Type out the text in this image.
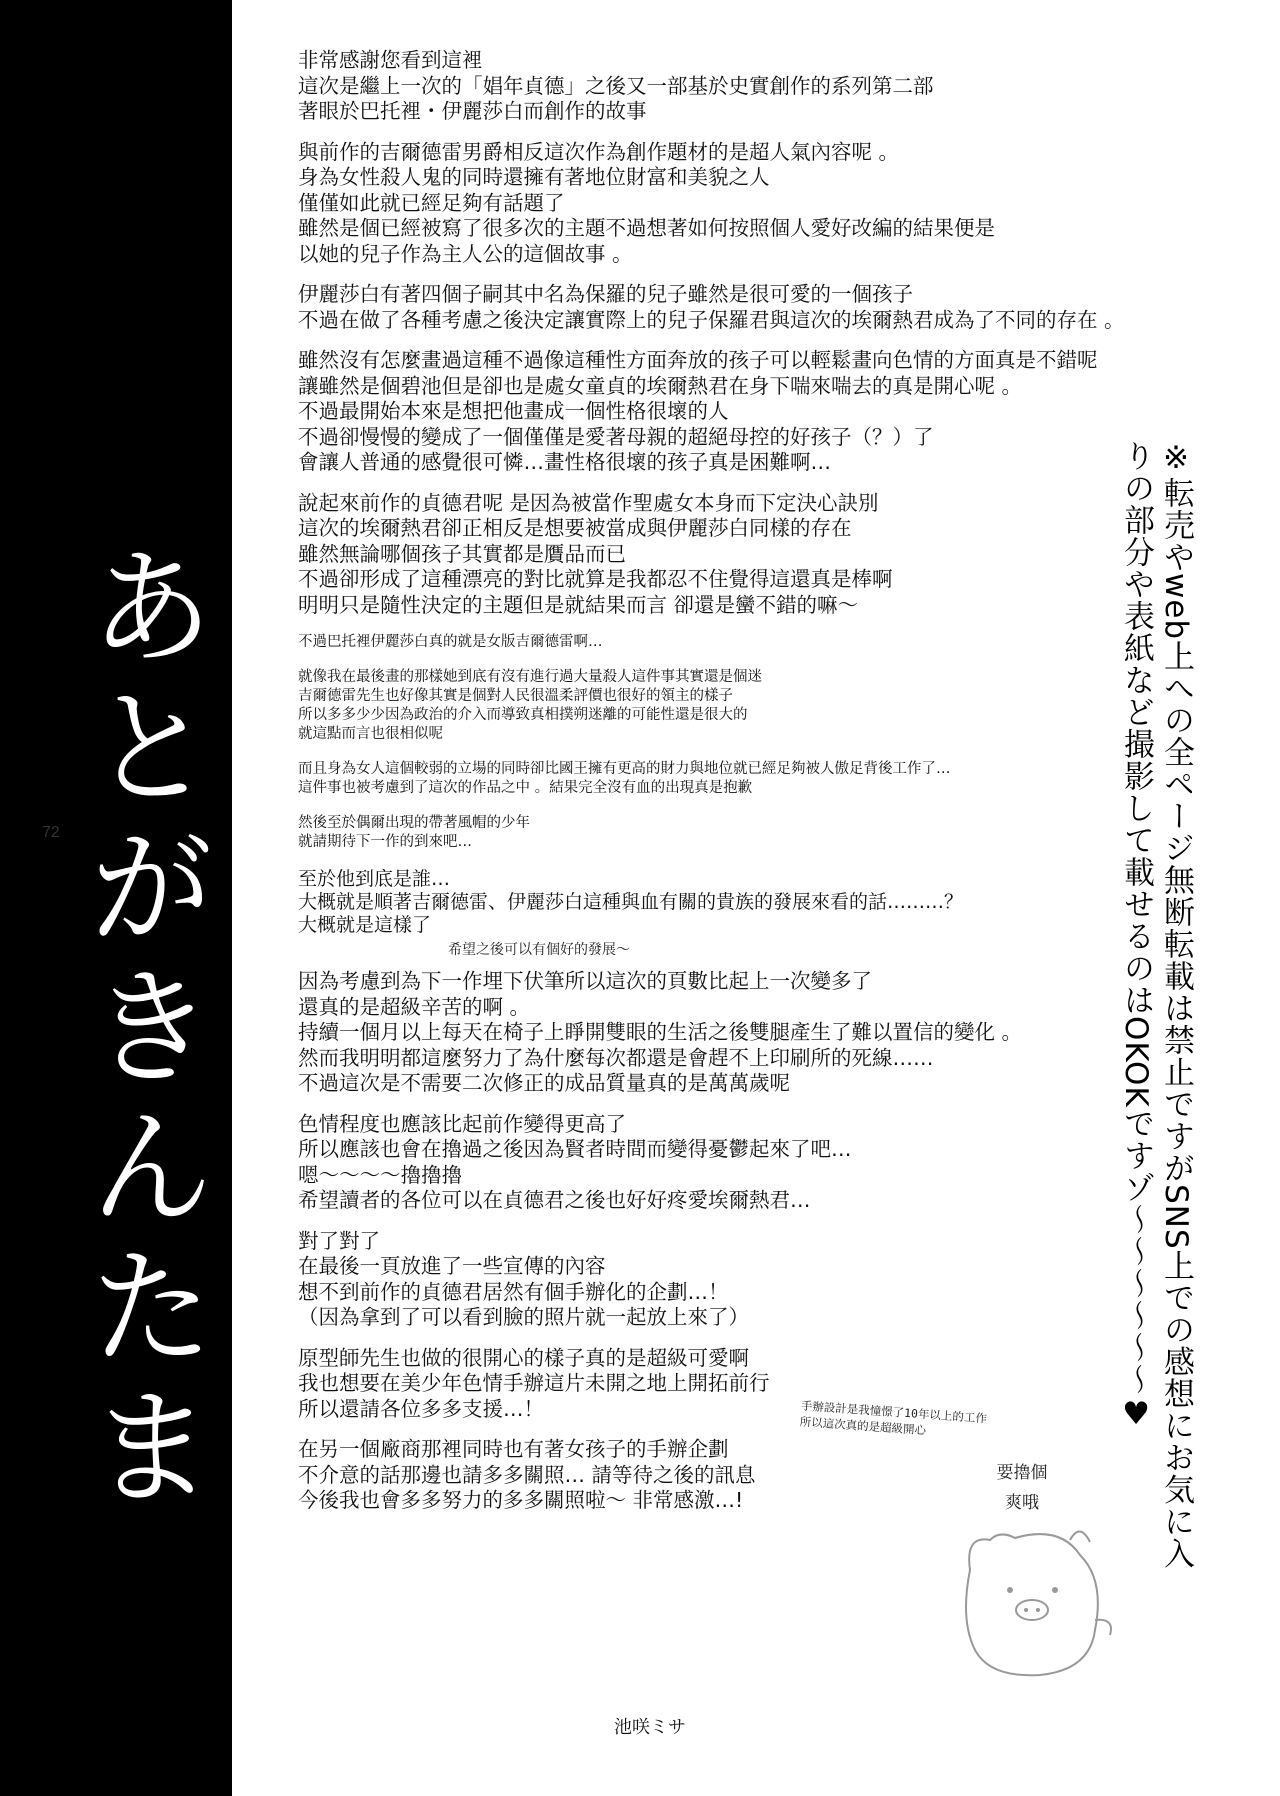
あとがきんたま
72

非常感謝您看到這裡
這次是繼上一次的「娼年貞德」之後又一部基於史實創作的系列第二部
著眼於巴托裡・伊麗莎白而創作的故事

與前作的吉爾德雷男爵相反這次作為創作題材的是超人氣內容呢 。
身為女性殺人鬼的同時還擁有著地位財富和美貌之人
僅僅如此就已經足夠有話題了
雖然是個已經被寫了很多次的主題不過想著如何按照個人愛好改編的結果便是
以她的兒子作為主人公的這個故事 。

伊麗莎白有著四個子嗣其中名為保羅的兒子雖然是很可愛的一個孩子
不過在做了各種考慮之後決定讓實際上的兒子保羅君與這次的埃爾熱君成為了不同的存在 。

雖然沒有怎麼畫過這種不過像這種性方面奔放的孩子可以輕鬆畫向色情的方面真是不錯呢
讓雖然是個碧池但是卻也是處女童貞的埃爾熱君在身下喘來喘去的真是開心呢 。
不過最開始本來是想把他畫成一個性格很壞的人
不過卻慢慢的變成了一個僅僅是愛著母親的超絕母控的好孩子（？）了
會讓人普通的感覺很可憐…畫性格很壞的孩子真是困難啊…

說起來前作的貞德君呢 是因為被當作聖處女本身而下定決心訣別
這次的埃爾熱君卻正相反是想要被當成與伊麗莎白同樣的存在
雖然無論哪個孩子其實都是贋品而已
不過卻形成了這種漂亮的對比就算是我都忍不住覺得這還真是棒啊
明明只是隨性決定的主題但是就結果而言 卻還是蠻不錯的嘛～

不過巴托裡伊麗莎白真的就是女版吉爾德雷啊…

就像我在最後畫的那樣她到底有沒有進行過大量殺人這件事其實還是個迷
吉爾德雷先生也好像其實是個對人民很溫柔評價也很好的領主的樣子
所以多多少少因為政治的介入而導致真相撲朔迷離的可能性還是很大的
就這點而言也很相似呢

而且身為女人這個較弱的立場的同時卻比國王擁有更高的財力與地位就已經足夠被人傲足背後工作了…
這件事也被考慮到了這次的作品之中 。結果完全沒有血的出現真是抱歉

然後至於偶爾出現的帶著風帽的少年
就請期待下一作的到來吧…

至於他到底是誰…
大概就是順著吉爾德雷、伊麗莎白這種與血有關的貴族的發展來看的話………？
大概就是這樣了

希望之後可以有個好的發展～

因為考慮到為下一作埋下伏筆所以這次的頁數比起上一次變多了
還真的是超級辛苦的啊 。
持續一個月以上每天在椅子上睜開雙眼的生活之後雙腿產生了難以置信的變化 。
然而我明明都這麼努力了為什麼每次都還是會趕不上印刷所的死線……
不過這次是不需要二次修正的成品質量真的是萬萬歲呢

色情程度也應該比起前作變得更高了
所以應該也會在擼過之後因為賢者時間而變得憂鬱起來了吧…
嗯～～～～擼擼擼
希望讀者的各位可以在貞德君之後也好好疼愛埃爾熱君…

對了對了
在最後一頁放進了一些宣傳的內容
想不到前作的貞德君居然有個手辦化的企劃…！
（因為拿到了可以看到臉的照片就一起放上來了）

原型師先生也做的很開心的樣子真的是超級可愛啊
我也想要在美少年色情手辦這片未開之地上開拓前行
所以還請各位多多支援…！

在另一個廠商那裡同時也有著女孩子的手辦企劃
不介意的話那邊也請多多關照… 請等待之後的訊息
今後我也會多多努力的多多關照啦～ 非常感激…!	※転売やweb上への全ページ無断転載は禁止ですがSNS上での感想にお気に入りの部分や表紙など撮影して載せるのはOKOKですゾ～～～～～～♥
手辦設計是我憧憬了10年以上的工作
所以這次真的是超級開心
要擼個
爽哦
池咲ミサ
